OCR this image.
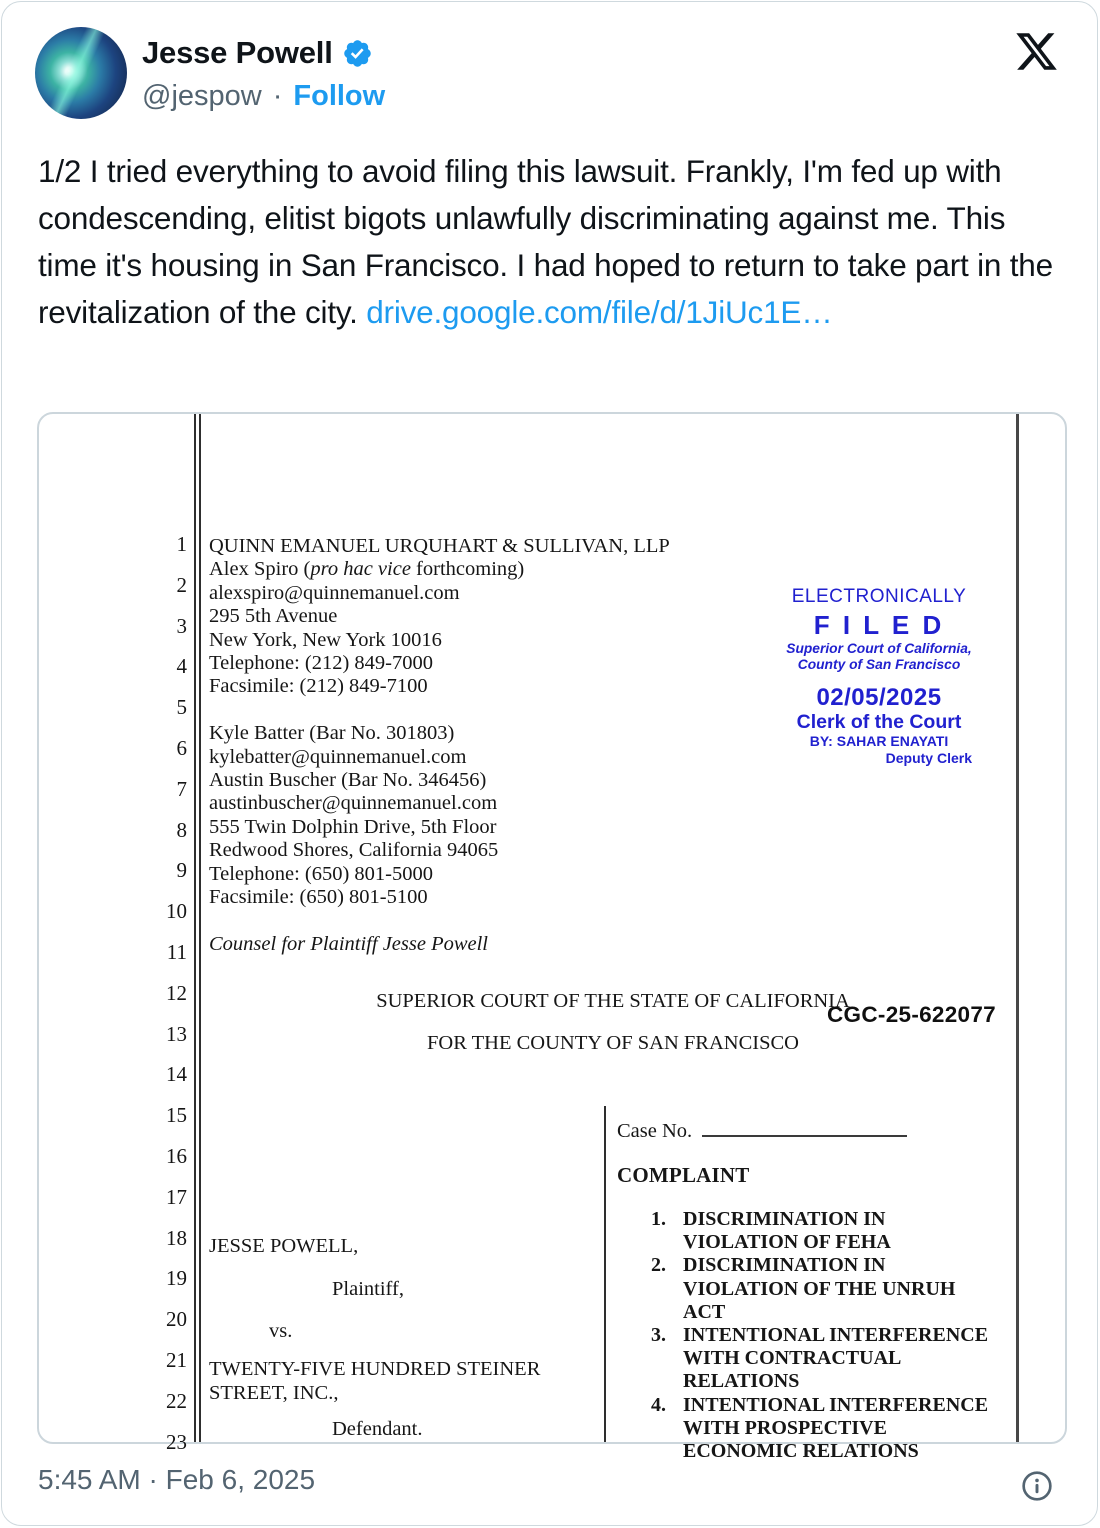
Jesse Powell
@jespow · Follow
1/2 I tried everything to avoid filing this lawsuit. Frankly, I'm fed up with condescending, elitist bigots unlawfully discriminating against me. This time it's housing in San Francisco. I had hoped to return to take part in the revitalization of the city. drive.google.com/file/d/1JiUc1E…
1
2
3
4
5
6
7
8
9
10
11
12
13
14
15
16
17
18
19
20
21
22
23
QUINN EMANUEL URQUHART & SULLIVAN, LLP
Alex Spiro (pro hac vice forthcoming)
alexspiro@quinnemanuel.com
295 5th Avenue
New York, New York 10016
Telephone: (212) 849-7000
Facsimile: (212) 849-7100
Kyle Batter (Bar No. 301803)
kylebatter@quinnemanuel.com
Austin Buscher (Bar No. 346456)
austinbuscher@quinnemanuel.com
555 Twin Dolphin Drive, 5th Floor
Redwood Shores, California 94065
Telephone: (650) 801-5000
Facsimile: (650) 801-5100
Counsel for Plaintiff Jesse Powell
ELECTRONICALLY
F I L E D
Superior Court of California,
County of San Francisco
02/05/2025
Clerk of the Court
BY: SAHAR ENAYATI
Deputy Clerk
SUPERIOR COURT OF THE STATE OF CALIFORNIA
CGC-25-622077
FOR THE COUNTY OF SAN FRANCISCO
JESSE POWELL,
Plaintiff,
vs.
TWENTY-FIVE HUNDRED STEINER
STREET, INC.,
Defendant.
Case No.
COMPLAINT
1. DISCRIMINATION IN
VIOLATION OF FEHA
2. DISCRIMINATION IN
VIOLATION OF THE UNRUH
ACT
3. INTENTIONAL INTERFERENCE
WITH CONTRACTUAL
RELATIONS
4. INTENTIONAL INTERFERENCE
WITH PROSPECTIVE
ECONOMIC RELATIONS
5:45 AM · Feb 6, 2025
